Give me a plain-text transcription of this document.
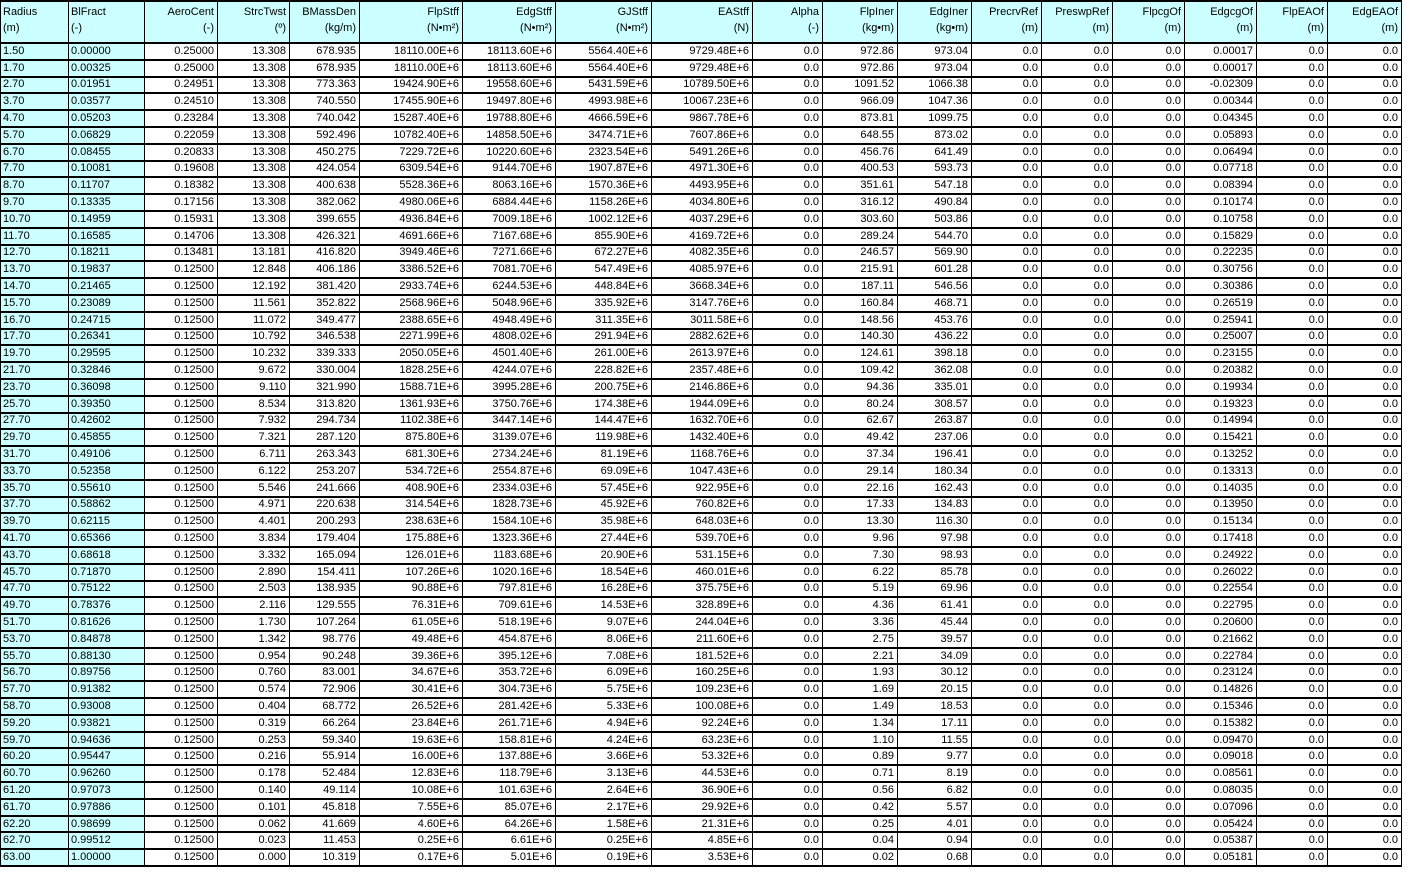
Radius	BlFract	AeroCent	StrcTwst	BMassDen	FlpStff	EdgStff	GJStff	EAStff	Alpha	FlpIner	EdgIner	PrecrvRef	PreswpRef	FlpcgOf	EdgcgOf	FlpEAOf	EdgEAOf
(m)	(-)	(-)	(º)	(kg/m)	(N•m²)	(N•m²)	(N•m²)	(N)	(-)	(kg•m)	(kg•m)	(m)	(m)	(m)	(m)	(m)	(m)
1.50	0.00000	0.25000	13.308	678.935	18110.00E+6	18113.60E+6	5564.40E+6	9729.48E+6	0.0	972.86	973.04	0.0	0.0	0.0	0.00017	0.0	0.0
1.70	0.00325	0.25000	13.308	678.935	18110.00E+6	18113.60E+6	5564.40E+6	9729.48E+6	0.0	972.86	973.04	0.0	0.0	0.0	0.00017	0.0	0.0
2.70	0.01951	0.24951	13.308	773.363	19424.90E+6	19558.60E+6	5431.59E+6	10789.50E+6	0.0	1091.52	1066.38	0.0	0.0	0.0	-0.02309	0.0	0.0
3.70	0.03577	0.24510	13.308	740.550	17455.90E+6	19497.80E+6	4993.98E+6	10067.23E+6	0.0	966.09	1047.36	0.0	0.0	0.0	0.00344	0.0	0.0
4.70	0.05203	0.23284	13.308	740.042	15287.40E+6	19788.80E+6	4666.59E+6	9867.78E+6	0.0	873.81	1099.75	0.0	0.0	0.0	0.04345	0.0	0.0
5.70	0.06829	0.22059	13.308	592.496	10782.40E+6	14858.50E+6	3474.71E+6	7607.86E+6	0.0	648.55	873.02	0.0	0.0	0.0	0.05893	0.0	0.0
6.70	0.08455	0.20833	13.308	450.275	7229.72E+6	10220.60E+6	2323.54E+6	5491.26E+6	0.0	456.76	641.49	0.0	0.0	0.0	0.06494	0.0	0.0
7.70	0.10081	0.19608	13.308	424.054	6309.54E+6	9144.70E+6	1907.87E+6	4971.30E+6	0.0	400.53	593.73	0.0	0.0	0.0	0.07718	0.0	0.0
8.70	0.11707	0.18382	13.308	400.638	5528.36E+6	8063.16E+6	1570.36E+6	4493.95E+6	0.0	351.61	547.18	0.0	0.0	0.0	0.08394	0.0	0.0
9.70	0.13335	0.17156	13.308	382.062	4980.06E+6	6884.44E+6	1158.26E+6	4034.80E+6	0.0	316.12	490.84	0.0	0.0	0.0	0.10174	0.0	0.0
10.70	0.14959	0.15931	13.308	399.655	4936.84E+6	7009.18E+6	1002.12E+6	4037.29E+6	0.0	303.60	503.86	0.0	0.0	0.0	0.10758	0.0	0.0
11.70	0.16585	0.14706	13.308	426.321	4691.66E+6	7167.68E+6	855.90E+6	4169.72E+6	0.0	289.24	544.70	0.0	0.0	0.0	0.15829	0.0	0.0
12.70	0.18211	0.13481	13.181	416.820	3949.46E+6	7271.66E+6	672.27E+6	4082.35E+6	0.0	246.57	569.90	0.0	0.0	0.0	0.22235	0.0	0.0
13.70	0.19837	0.12500	12.848	406.186	3386.52E+6	7081.70E+6	547.49E+6	4085.97E+6	0.0	215.91	601.28	0.0	0.0	0.0	0.30756	0.0	0.0
14.70	0.21465	0.12500	12.192	381.420	2933.74E+6	6244.53E+6	448.84E+6	3668.34E+6	0.0	187.11	546.56	0.0	0.0	0.0	0.30386	0.0	0.0
15.70	0.23089	0.12500	11.561	352.822	2568.96E+6	5048.96E+6	335.92E+6	3147.76E+6	0.0	160.84	468.71	0.0	0.0	0.0	0.26519	0.0	0.0
16.70	0.24715	0.12500	11.072	349.477	2388.65E+6	4948.49E+6	311.35E+6	3011.58E+6	0.0	148.56	453.76	0.0	0.0	0.0	0.25941	0.0	0.0
17.70	0.26341	0.12500	10.792	346.538	2271.99E+6	4808.02E+6	291.94E+6	2882.62E+6	0.0	140.30	436.22	0.0	0.0	0.0	0.25007	0.0	0.0
19.70	0.29595	0.12500	10.232	339.333	2050.05E+6	4501.40E+6	261.00E+6	2613.97E+6	0.0	124.61	398.18	0.0	0.0	0.0	0.23155	0.0	0.0
21.70	0.32846	0.12500	9.672	330.004	1828.25E+6	4244.07E+6	228.82E+6	2357.48E+6	0.0	109.42	362.08	0.0	0.0	0.0	0.20382	0.0	0.0
23.70	0.36098	0.12500	9.110	321.990	1588.71E+6	3995.28E+6	200.75E+6	2146.86E+6	0.0	94.36	335.01	0.0	0.0	0.0	0.19934	0.0	0.0
25.70	0.39350	0.12500	8.534	313.820	1361.93E+6	3750.76E+6	174.38E+6	1944.09E+6	0.0	80.24	308.57	0.0	0.0	0.0	0.19323	0.0	0.0
27.70	0.42602	0.12500	7.932	294.734	1102.38E+6	3447.14E+6	144.47E+6	1632.70E+6	0.0	62.67	263.87	0.0	0.0	0.0	0.14994	0.0	0.0
29.70	0.45855	0.12500	7.321	287.120	875.80E+6	3139.07E+6	119.98E+6	1432.40E+6	0.0	49.42	237.06	0.0	0.0	0.0	0.15421	0.0	0.0
31.70	0.49106	0.12500	6.711	263.343	681.30E+6	2734.24E+6	81.19E+6	1168.76E+6	0.0	37.34	196.41	0.0	0.0	0.0	0.13252	0.0	0.0
33.70	0.52358	0.12500	6.122	253.207	534.72E+6	2554.87E+6	69.09E+6	1047.43E+6	0.0	29.14	180.34	0.0	0.0	0.0	0.13313	0.0	0.0
35.70	0.55610	0.12500	5.546	241.666	408.90E+6	2334.03E+6	57.45E+6	922.95E+6	0.0	22.16	162.43	0.0	0.0	0.0	0.14035	0.0	0.0
37.70	0.58862	0.12500	4.971	220.638	314.54E+6	1828.73E+6	45.92E+6	760.82E+6	0.0	17.33	134.83	0.0	0.0	0.0	0.13950	0.0	0.0
39.70	0.62115	0.12500	4.401	200.293	238.63E+6	1584.10E+6	35.98E+6	648.03E+6	0.0	13.30	116.30	0.0	0.0	0.0	0.15134	0.0	0.0
41.70	0.65366	0.12500	3.834	179.404	175.88E+6	1323.36E+6	27.44E+6	539.70E+6	0.0	9.96	97.98	0.0	0.0	0.0	0.17418	0.0	0.0
43.70	0.68618	0.12500	3.332	165.094	126.01E+6	1183.68E+6	20.90E+6	531.15E+6	0.0	7.30	98.93	0.0	0.0	0.0	0.24922	0.0	0.0
45.70	0.71870	0.12500	2.890	154.411	107.26E+6	1020.16E+6	18.54E+6	460.01E+6	0.0	6.22	85.78	0.0	0.0	0.0	0.26022	0.0	0.0
47.70	0.75122	0.12500	2.503	138.935	90.88E+6	797.81E+6	16.28E+6	375.75E+6	0.0	5.19	69.96	0.0	0.0	0.0	0.22554	0.0	0.0
49.70	0.78376	0.12500	2.116	129.555	76.31E+6	709.61E+6	14.53E+6	328.89E+6	0.0	4.36	61.41	0.0	0.0	0.0	0.22795	0.0	0.0
51.70	0.81626	0.12500	1.730	107.264	61.05E+6	518.19E+6	9.07E+6	244.04E+6	0.0	3.36	45.44	0.0	0.0	0.0	0.20600	0.0	0.0
53.70	0.84878	0.12500	1.342	98.776	49.48E+6	454.87E+6	8.06E+6	211.60E+6	0.0	2.75	39.57	0.0	0.0	0.0	0.21662	0.0	0.0
55.70	0.88130	0.12500	0.954	90.248	39.36E+6	395.12E+6	7.08E+6	181.52E+6	0.0	2.21	34.09	0.0	0.0	0.0	0.22784	0.0	0.0
56.70	0.89756	0.12500	0.760	83.001	34.67E+6	353.72E+6	6.09E+6	160.25E+6	0.0	1.93	30.12	0.0	0.0	0.0	0.23124	0.0	0.0
57.70	0.91382	0.12500	0.574	72.906	30.41E+6	304.73E+6	5.75E+6	109.23E+6	0.0	1.69	20.15	0.0	0.0	0.0	0.14826	0.0	0.0
58.70	0.93008	0.12500	0.404	68.772	26.52E+6	281.42E+6	5.33E+6	100.08E+6	0.0	1.49	18.53	0.0	0.0	0.0	0.15346	0.0	0.0
59.20	0.93821	0.12500	0.319	66.264	23.84E+6	261.71E+6	4.94E+6	92.24E+6	0.0	1.34	17.11	0.0	0.0	0.0	0.15382	0.0	0.0
59.70	0.94636	0.12500	0.253	59.340	19.63E+6	158.81E+6	4.24E+6	63.23E+6	0.0	1.10	11.55	0.0	0.0	0.0	0.09470	0.0	0.0
60.20	0.95447	0.12500	0.216	55.914	16.00E+6	137.88E+6	3.66E+6	53.32E+6	0.0	0.89	9.77	0.0	0.0	0.0	0.09018	0.0	0.0
60.70	0.96260	0.12500	0.178	52.484	12.83E+6	118.79E+6	3.13E+6	44.53E+6	0.0	0.71	8.19	0.0	0.0	0.0	0.08561	0.0	0.0
61.20	0.97073	0.12500	0.140	49.114	10.08E+6	101.63E+6	2.64E+6	36.90E+6	0.0	0.56	6.82	0.0	0.0	0.0	0.08035	0.0	0.0
61.70	0.97886	0.12500	0.101	45.818	7.55E+6	85.07E+6	2.17E+6	29.92E+6	0.0	0.42	5.57	0.0	0.0	0.0	0.07096	0.0	0.0
62.20	0.98699	0.12500	0.062	41.669	4.60E+6	64.26E+6	1.58E+6	21.31E+6	0.0	0.25	4.01	0.0	0.0	0.0	0.05424	0.0	0.0
62.70	0.99512	0.12500	0.023	11.453	0.25E+6	6.61E+6	0.25E+6	4.85E+6	0.0	0.04	0.94	0.0	0.0	0.0	0.05387	0.0	0.0
63.00	1.00000	0.12500	0.000	10.319	0.17E+6	5.01E+6	0.19E+6	3.53E+6	0.0	0.02	0.68	0.0	0.0	0.0	0.05181	0.0	0.0
